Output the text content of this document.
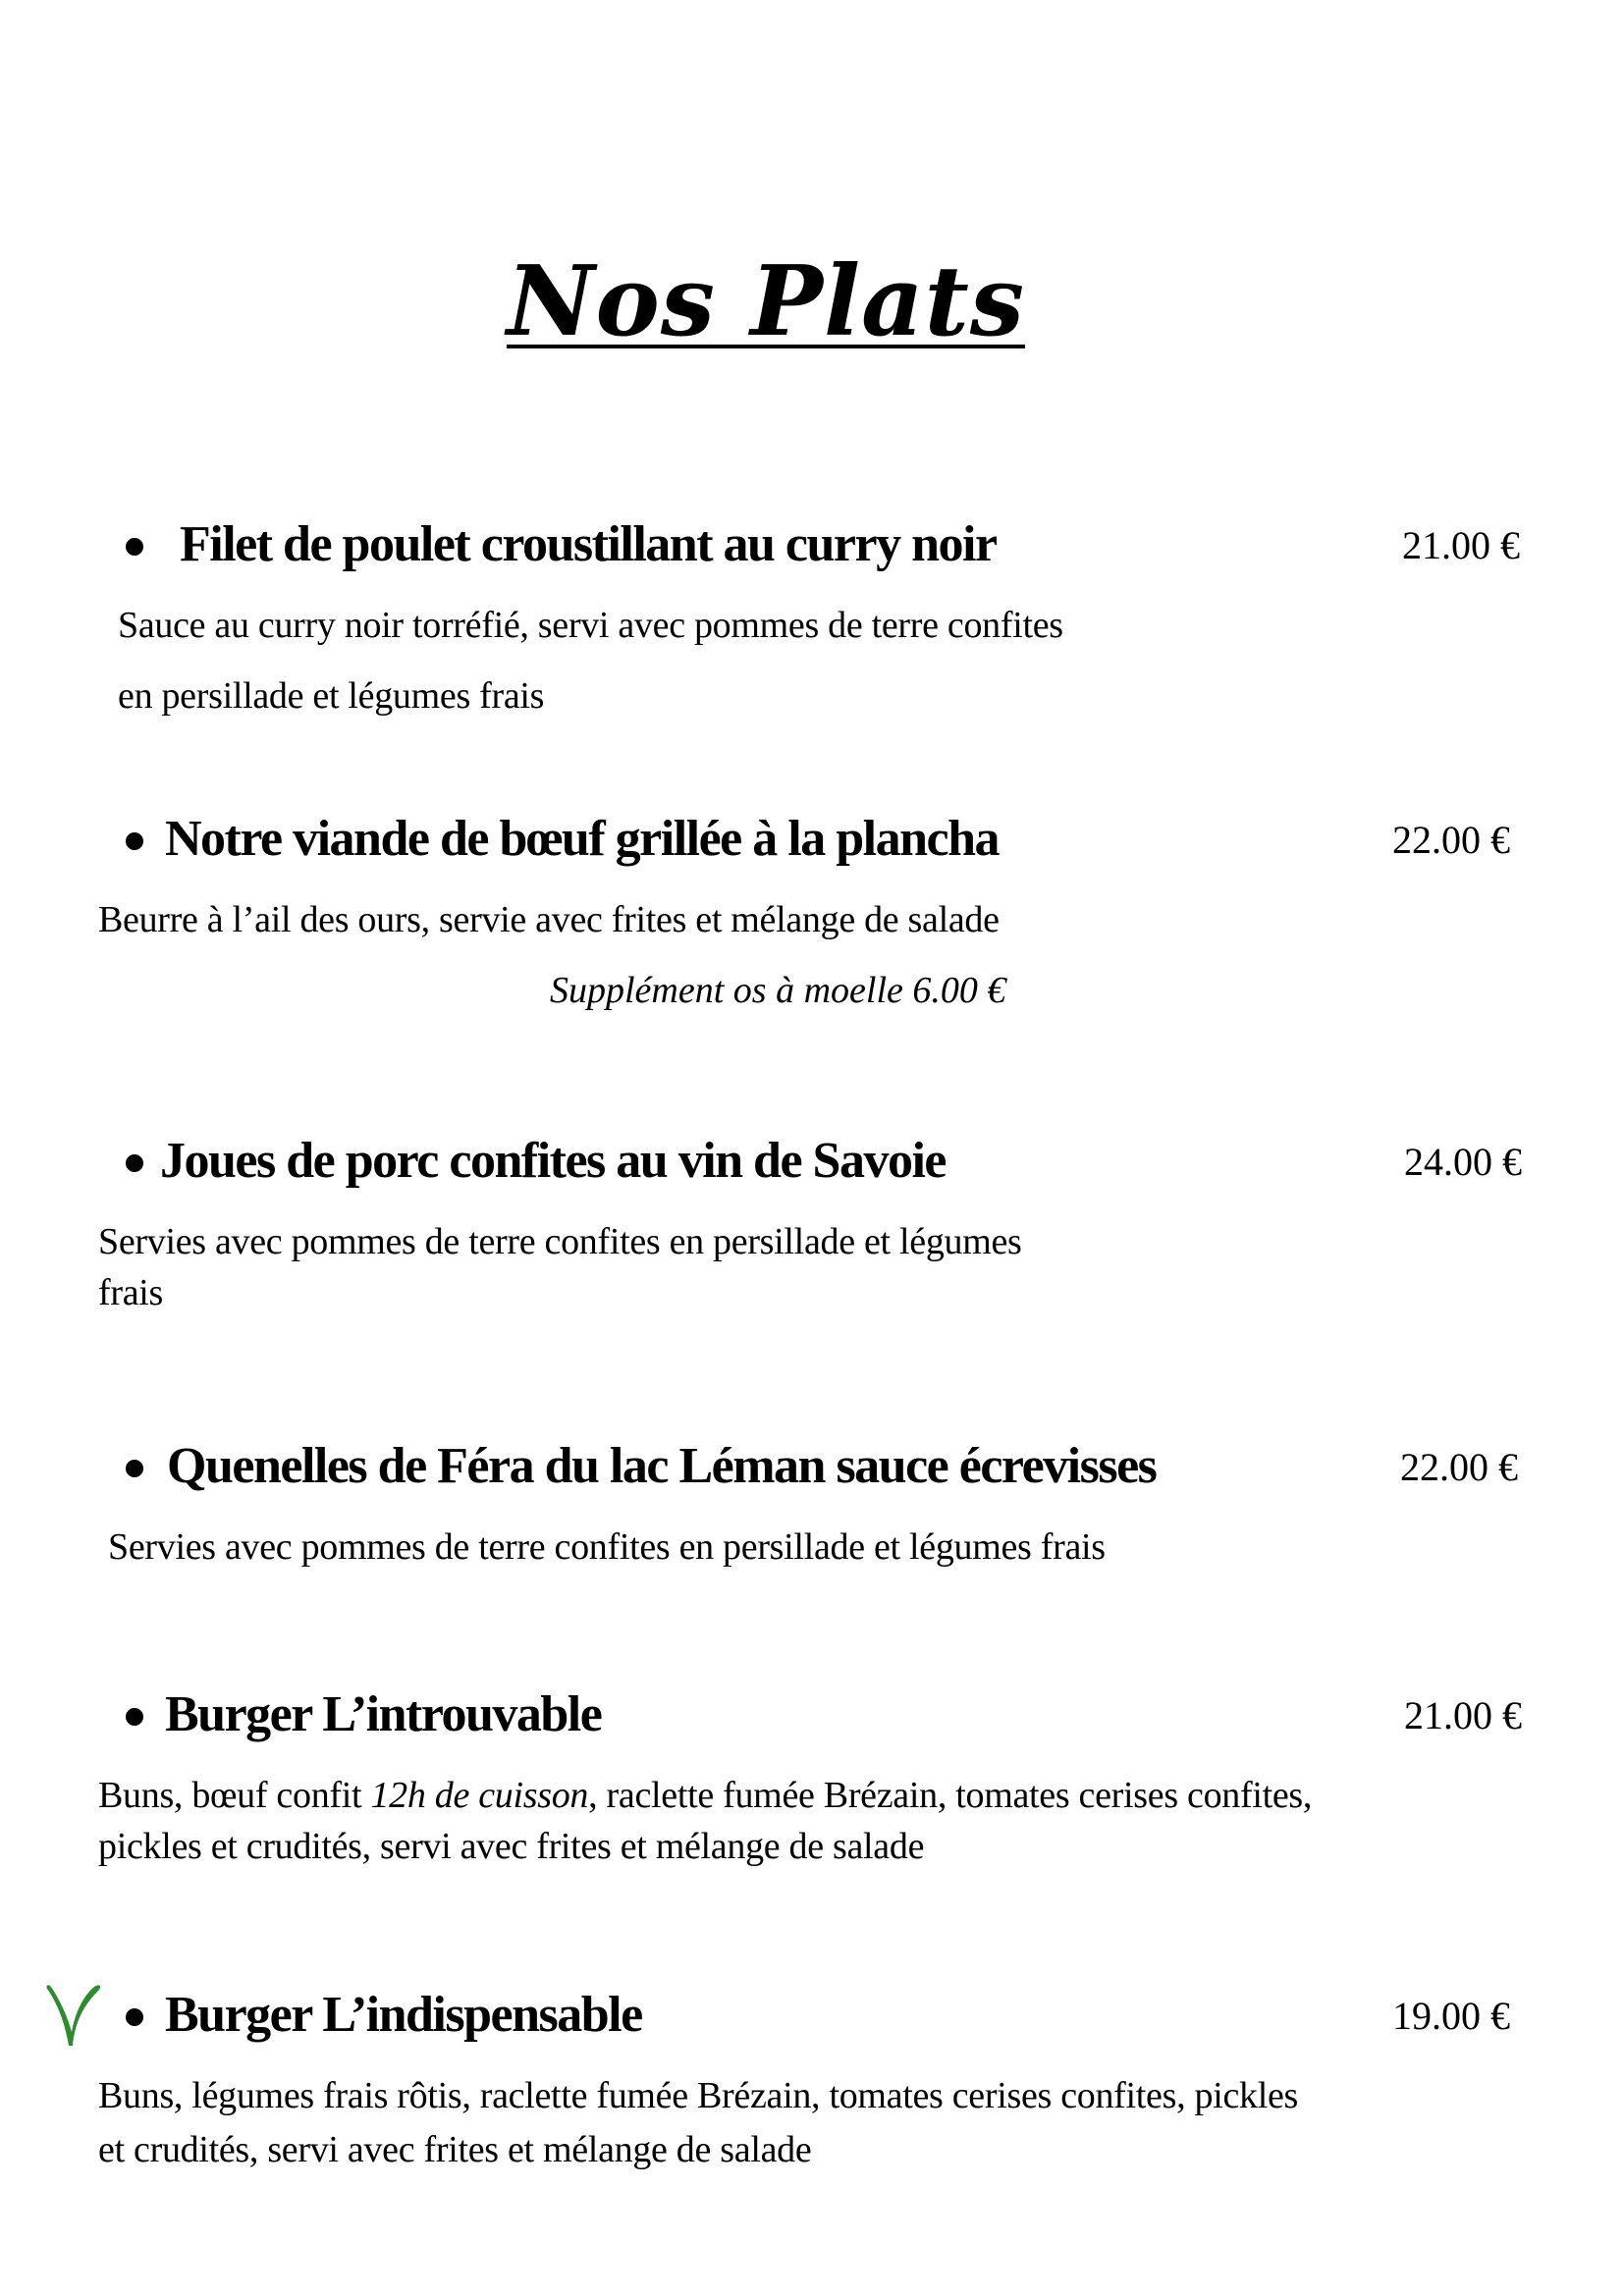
Nos Plats
Filet de poulet croustillant au curry noir	21.00 €
Sauce au curry noir torréfié, servi avec pommes de terre confites
en persillade et légumes frais
Notre viande de bœuf grillée à la plancha	22.00 €
Beurre à l’ail des ours, servie avec frites et mélange de salade
Supplément os à moelle 6.00 €
Joues de porc confites au vin de Savoie	24.00 €
Servies avec pommes de terre confites en persillade et légumes
frais
Quenelles de Féra du lac Léman sauce écrevisses	22.00 €
Servies avec pommes de terre confites en persillade et légumes frais
Burger L’introuvable	21.00 €
Buns, bœuf confit 12h de cuisson, raclette fumée Brézain, tomates cerises confites,
pickles et crudités, servi avec frites et mélange de salade
Burger L’indispensable	19.00 €
Buns, légumes frais rôtis, raclette fumée Brézain, tomates cerises confites, pickles
et crudités, servi avec frites et mélange de salade
